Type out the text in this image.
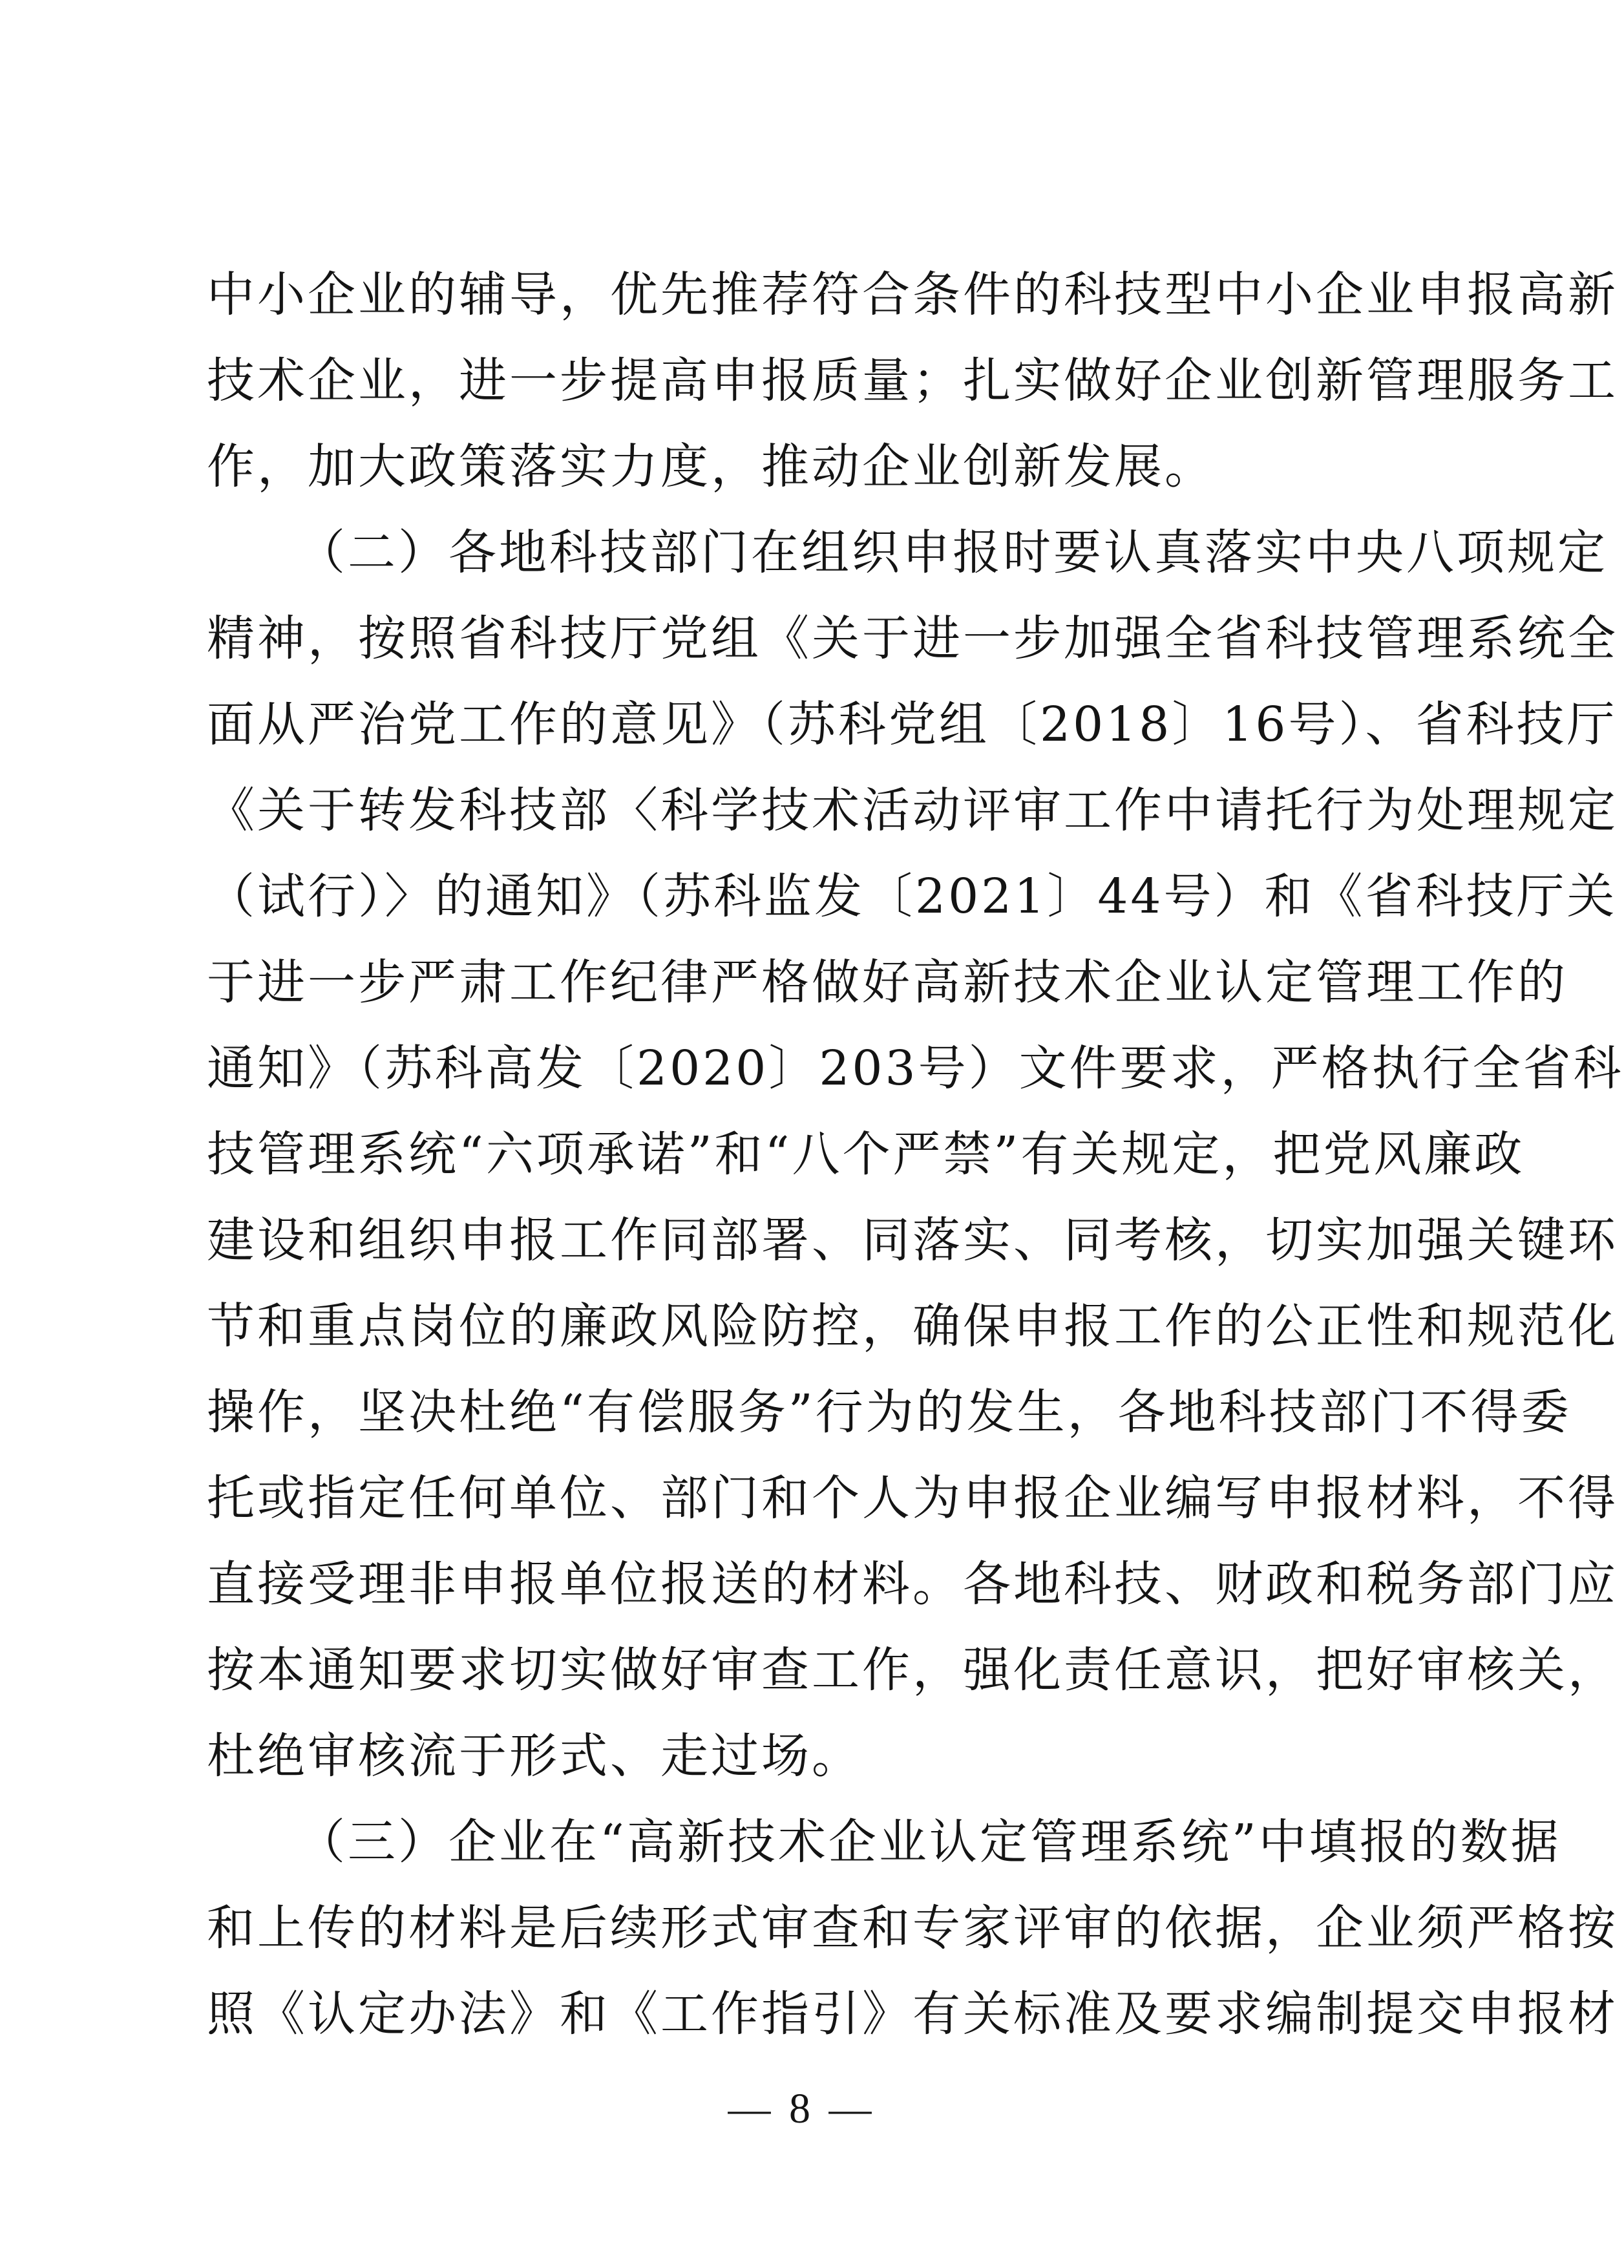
中小企业的辅导，优先推荐符合条件的科技型中小企业申报高新
技术企业，进一步提高申报质量；扎实做好企业创新管理服务工
作，加大政策落实力度，推动企业创新发展。
（二）各地科技部门在组织申报时要认真落实中央八项规定
精神，按照省科技厅党组《关于进一步加强全省科技管理系统全
面从严治党工作的意见》（苏科党组〔2018〕16号）、省科技厅
《关于转发科技部〈科学技术活动评审工作中请托行为处理规定
（试行）〉的通知》（苏科监发〔2021〕44号）和《省科技厅关
于进一步严肃工作纪律严格做好高新技术企业认定管理工作的
通知》（苏科高发〔2020〕203号）文件要求，严格执行全省科
技管理系统“六项承诺”和“八个严禁”有关规定，把党风廉政
建设和组织申报工作同部署、同落实、同考核，切实加强关键环
节和重点岗位的廉政风险防控，确保申报工作的公正性和规范化
操作，坚决杜绝“有偿服务”行为的发生，各地科技部门不得委
托或指定任何单位、部门和个人为申报企业编写申报材料，不得
直接受理非申报单位报送的材料。各地科技、财政和税务部门应
按本通知要求切实做好审查工作，强化责任意识，把好审核关，
杜绝审核流于形式、走过场。
（三）企业在“高新技术企业认定管理系统”中填报的数据
和上传的材料是后续形式审查和专家评审的依据，企业须严格按
照《认定办法》和《工作指引》有关标准及要求编制提交申报材
— 8 —
